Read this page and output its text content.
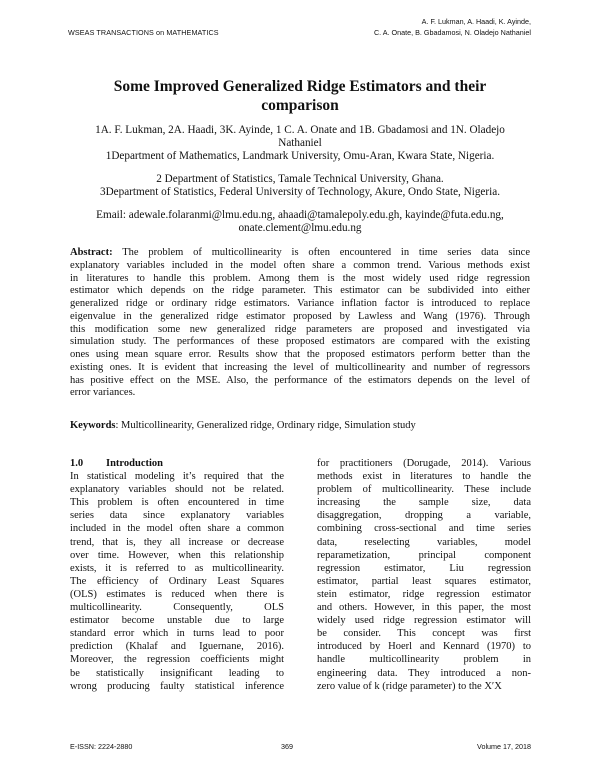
WSEAS TRANSACTIONS on MATHEMATICS
A. F. Lukman, A. Haadi, K. Ayinde,
C. A. Onate, B. Gbadamosi, N. Oladejo Nathaniel
Some Improved Generalized Ridge Estimators and their
comparison
1A. F. Lukman, 2A. Haadi, 3K. Ayinde, 1 C. A. Onate and 1B. Gbadamosi and 1N. Oladejo
Nathaniel
1Department of Mathematics, Landmark University, Omu-Aran, Kwara State, Nigeria.
2 Department of Statistics, Tamale Technical University, Ghana.
3Department of Statistics, Federal University of Technology, Akure, Ondo State, Nigeria.
Email: adewale.folaranmi@lmu.edu.ng, ahaadi@tamalepoly.edu.gh, kayinde@futa.edu.ng,
onate.clement@lmu.edu.ng
Abstract: The problem of multicollinearity is often encountered in time series data since
explanatory variables included in the model often share a common trend. Various methods exist
in literatures to handle this problem. Among them is the most widely used ridge regression
estimator which depends on the ridge parameter. This estimator can be subdivided into either
generalized ridge or ordinary ridge estimators. Variance inflation factor is introduced to replace
eigenvalue in the generalized ridge estimator proposed by Lawless and Wang (1976). Through
this modification some new generalized ridge parameters are proposed and investigated via
simulation study. The performances of these proposed estimators are compared with the existing
ones using mean square error. Results show that the proposed estimators perform better than the
existing ones. It is evident that increasing the level of multicollinearity and number of regressors
has positive effect on the MSE. Also, the performance of the estimators depends on the level of
error variances.
Keywords: Multicollinearity, Generalized ridge, Ordinary ridge, Simulation study
1.0 Introduction
In statistical modeling it’s required that the
explanatory variables should not be related.
This problem is often encountered in time
series data since explanatory variables
included in the model often share a common
trend, that is, they all increase or decrease
over time. However, when this relationship
exists, it is referred to as multicollinearity.
The efficiency of Ordinary Least Squares
(OLS) estimates is reduced when there is
multicollinearity. Consequently, OLS
estimator become unstable due to large
standard error which in turns lead to poor
prediction (Khalaf and Iguernane, 2016).
Moreover, the regression coefficients might
be statistically insignificant leading to
wrong producing faulty statistical inference
for practitioners (Dorugade, 2014). Various
methods exist in literatures to handle the
problem of multicollinearity. These include
increasing the sample size, data
disaggregation, dropping a variable,
combining cross-sectional and time series
data, reselecting variables, model
reparametization, principal component
regression estimator, Liu regression
estimator, partial least squares estimator,
stein estimator, ridge regression estimator
and others. However, in this paper, the most
widely used ridge regression estimator will
be consider. This concept was first
introduced by Hoerl and Kennard (1970) to
handle multicollinearity problem in
engineering data. They introduced a non-
zero value of k (ridge parameter) to the X′X
E-ISSN: 2224-2880	369	Volume 17, 2018
